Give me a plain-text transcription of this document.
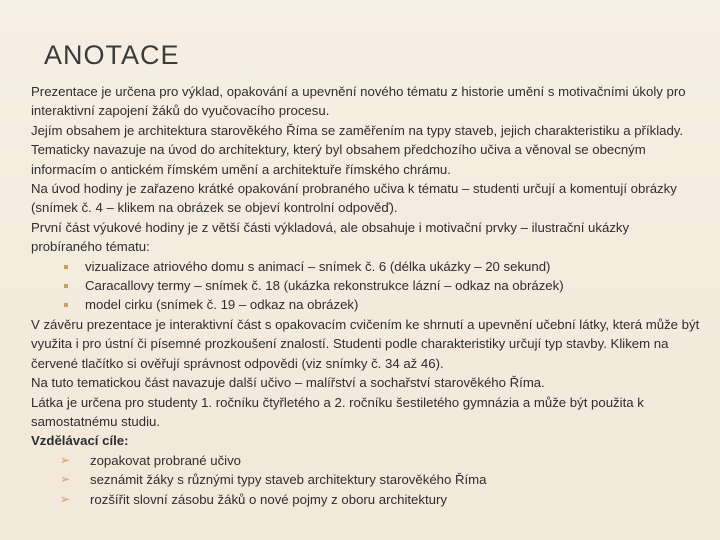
ANOTACE

Prezentace je určena pro výklad, opakování a upevnění nového tématu z historie umění s motivačními úkoly pro interaktivní zapojení žáků do vyučovacího procesu.

Jejím obsahem je architektura starověkého Říma se zaměřením na typy staveb, jejich charakteristiku a příklady. Tematicky navazuje na úvod do architektury, který byl obsahem předchozího učiva a věnoval se obecným informacím o antickém římském umění a architektuře římského chrámu.

Na úvod hodiny je zařazeno krátké opakování probraného učiva k tématu – studenti určují a komentují obrázky (snímek č. 4 – klikem na obrázek se objeví kontrolní odpověď).

První část výukové hodiny je z větší části výkladová, ale obsahuje i motivační prvky – ilustrační ukázky probíraného tématu:

vizualizace atriového domu s animací – snímek č. 6 (délka ukázky – 20 sekund)
Caracallovy termy – snímek č. 18 (ukázka rekonstrukce lázní – odkaz na obrázek)
model cirku (snímek č. 19 – odkaz na obrázek)

V závěru prezentace je interaktivní část s opakovacím cvičením ke shrnutí a upevnění učební látky, která může být využita i pro ústní či písemné prozkoušení znalostí. Studenti podle charakteristiky určují typ stavby. Klikem na červené tlačítko si ověřují správnost odpovědi (viz snímky č. 34 až 46).

Na tuto tematickou část navazuje další učivo – malířství a sochařství starověkého Říma.

Látka je určena pro studenty 1. ročníku čtyřletého a 2. ročníku šestiletého gymnázia a může být použita k samostatnému studiu.

Vzdělávací cíle:

➢ zopakovat probrané učivo
➢ seznámit žáky s různými typy staveb architektury starověkého Říma
➢ rozšířit slovní zásobu žáků o nové pojmy z oboru architektury
